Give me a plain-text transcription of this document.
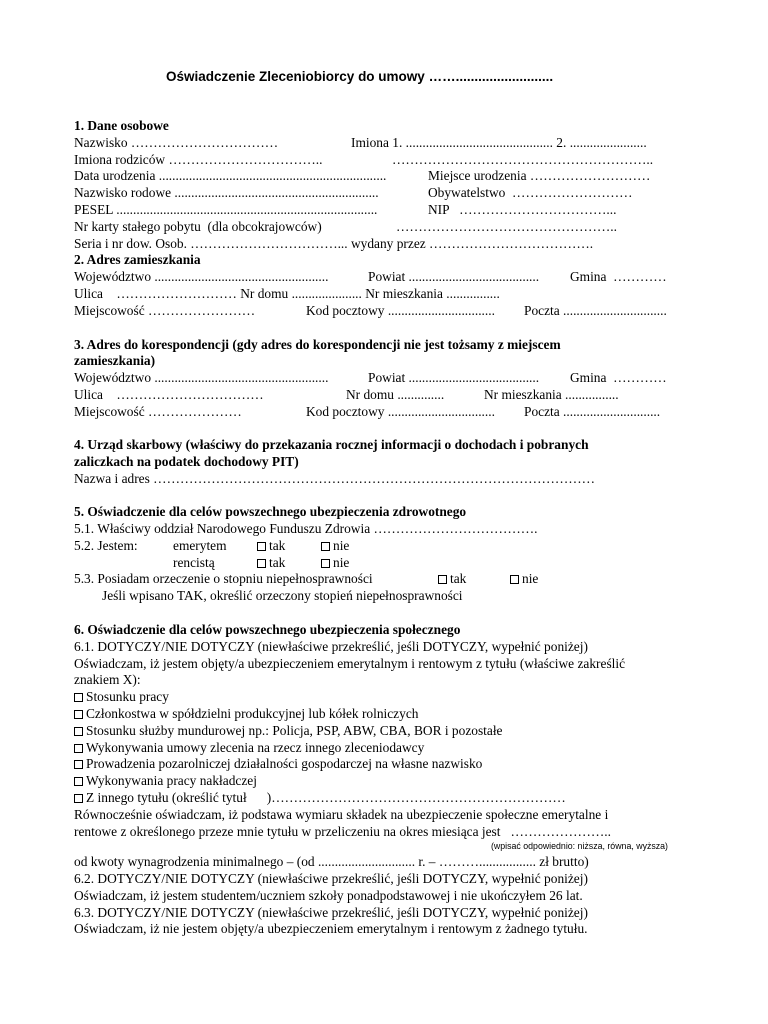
Oświadczenie Zleceniobiorcy do umowy ……..........................
1. Dane osobowe
Nazwisko ……………………………	Imiona 1. ............................................ 2. .......................
Imiona rodziców ……………………………..	…………………………………………………..
Data urodzenia ....................................................................	Miejsce urodzenia ………………………
Nazwisko rodowe .............................................................	Obywatelstwo  ………………………
PESEL ..............................................................................	NIP   ……………………………...
Nr karty stałego pobytu  (dla obcokrajowców)	…………………………………………..
Seria i nr dow. Osob. ……………………………... wydany przez ……………………………….
2. Adres zamieszkania
Województwo ....................................................	Powiat ....................................... Gmina  …………
Ulica    ……………………… Nr domu ..................... Nr mieszkania ................
Miejscowość ……………………	Kod pocztowy ................................ Poczta ...............................
3. Adres do korespondencji (gdy adres do korespondencji nie jest tożsamy z miejscem
zamieszkania)
Województwo ....................................................	Powiat ....................................... Gmina  …………
Ulica    ……………………………	Nr domu ..............	Nr mieszkania ................
Miejscowość …………………	Kod pocztowy ................................ Poczta .............................
4. Urząd skarbowy (właściwy do przekazania rocznej informacji o dochodach i pobranych
zaliczkach na podatek dochodowy PIT)
Nazwa i adres ………………………………………………………………………………………
5. Oświadczenie dla celów powszechnego ubezpieczenia zdrowotnego
5.1. Właściwy oddział Narodowego Funduszu Zdrowia ……………………………….
5.2. Jestem:	emerytem	tak	nie
rencistą	tak	nie
5.3. Posiadam orzeczenie o stopniu niepełnosprawności	tak	nie
Jeśli wpisano TAK, określić orzeczony stopień niepełnosprawności
6. Oświadczenie dla celów powszechnego ubezpieczenia społecznego
6.1. DOTYCZY/NIE DOTYCZY (niewłaściwe przekreślić, jeśli DOTYCZY, wypełnić poniżej)
Oświadczam, iż jestem objęty/a ubezpieczeniem emerytalnym i rentowym z tytułu (właściwe zakreślić
znakiem X):
Stosunku pracy
Członkostwa w spółdzielni produkcyjnej lub kółek rolniczych
Stosunku służby mundurowej np.: Policja, PSP, ABW, CBA, BOR i pozostałe
Wykonywania umowy zlecenia na rzecz innego zleceniodawcy
Prowadzenia pozarolniczej działalności gospodarczej na własne nazwisko
Wykonywania pracy nakładczej
Z innego tytułu (określić tytuł      )…………………………………………………………
Równocześnie oświadczam, iż podstawa wymiaru składek na ubezpieczenie społeczne emerytalne i
rentowe z określonego przeze mnie tytułu w przeliczeniu na okres miesiąca jest   …………………..
(wpisać odpowiednio: niższa, równa, wyższa)
od kwoty wynagrodzenia minimalnego – (od ............................. r. – ………................. zł brutto)
6.2. DOTYCZY/NIE DOTYCZY (niewłaściwe przekreślić, jeśli DOTYCZY, wypełnić poniżej)
Oświadczam, iż jestem studentem/uczniem szkoły ponadpodstawowej i nie ukończyłem 26 lat.
6.3. DOTYCZY/NIE DOTYCZY (niewłaściwe przekreślić, jeśli DOTYCZY, wypełnić poniżej)
Oświadczam, iż nie jestem objęty/a ubezpieczeniem emerytalnym i rentowym z żadnego tytułu.
